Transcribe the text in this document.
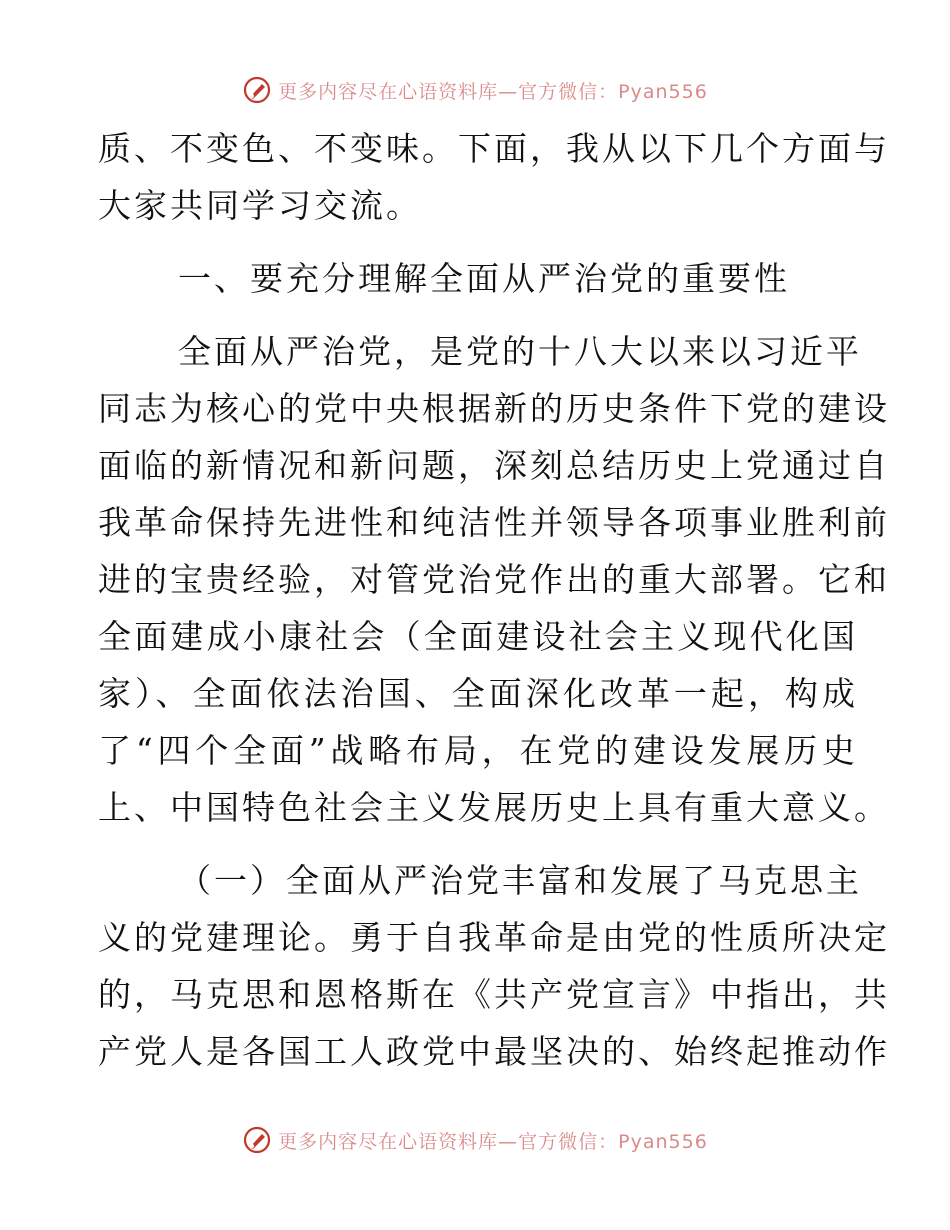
更多内容尽在心语资料库—官方微信：Pyan556
质、不变色、不变味。下面，我从以下几个方面与
大家共同学习交流。
一、要充分理解全面从严治党的重要性
全面从严治党，是党的十八大以来以习近平
同志为核心的党中央根据新的历史条件下党的建设
面临的新情况和新问题，深刻总结历史上党通过自
我革命保持先进性和纯洁性并领导各项事业胜利前
进的宝贵经验，对管党治党作出的重大部署。它和
全面建成小康社会（全面建设社会主义现代化国
家）、全面依法治国、全面深化改革一起，构成
了“四个全面”战略布局，在党的建设发展历史
上、中国特色社会主义发展历史上具有重大意义。
（一）全面从严治党丰富和发展了马克思主
义的党建理论。勇于自我革命是由党的性质所决定
的，马克思和恩格斯在《共产党宣言》中指出，共
产党人是各国工人政党中最坚决的、始终起推动作
更多内容尽在心语资料库—官方微信：Pyan556
